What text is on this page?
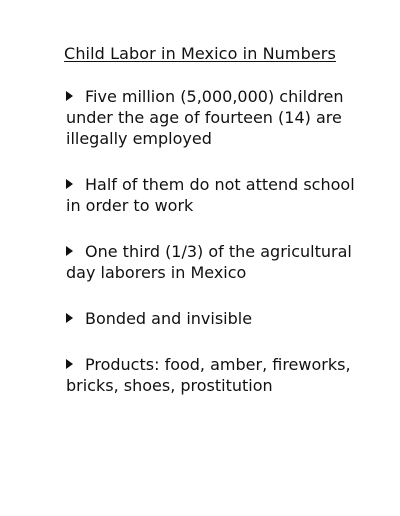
Child Labor in Mexico in Numbers
Five million (5,000,000) children under the age of fourteen (14) are illegally employed
Half of them do not attend school in order to work
One third (1/3) of the agricultural day laborers in Mexico
Bonded and invisible
Products: food, amber, fireworks, bricks, shoes, prostitution
